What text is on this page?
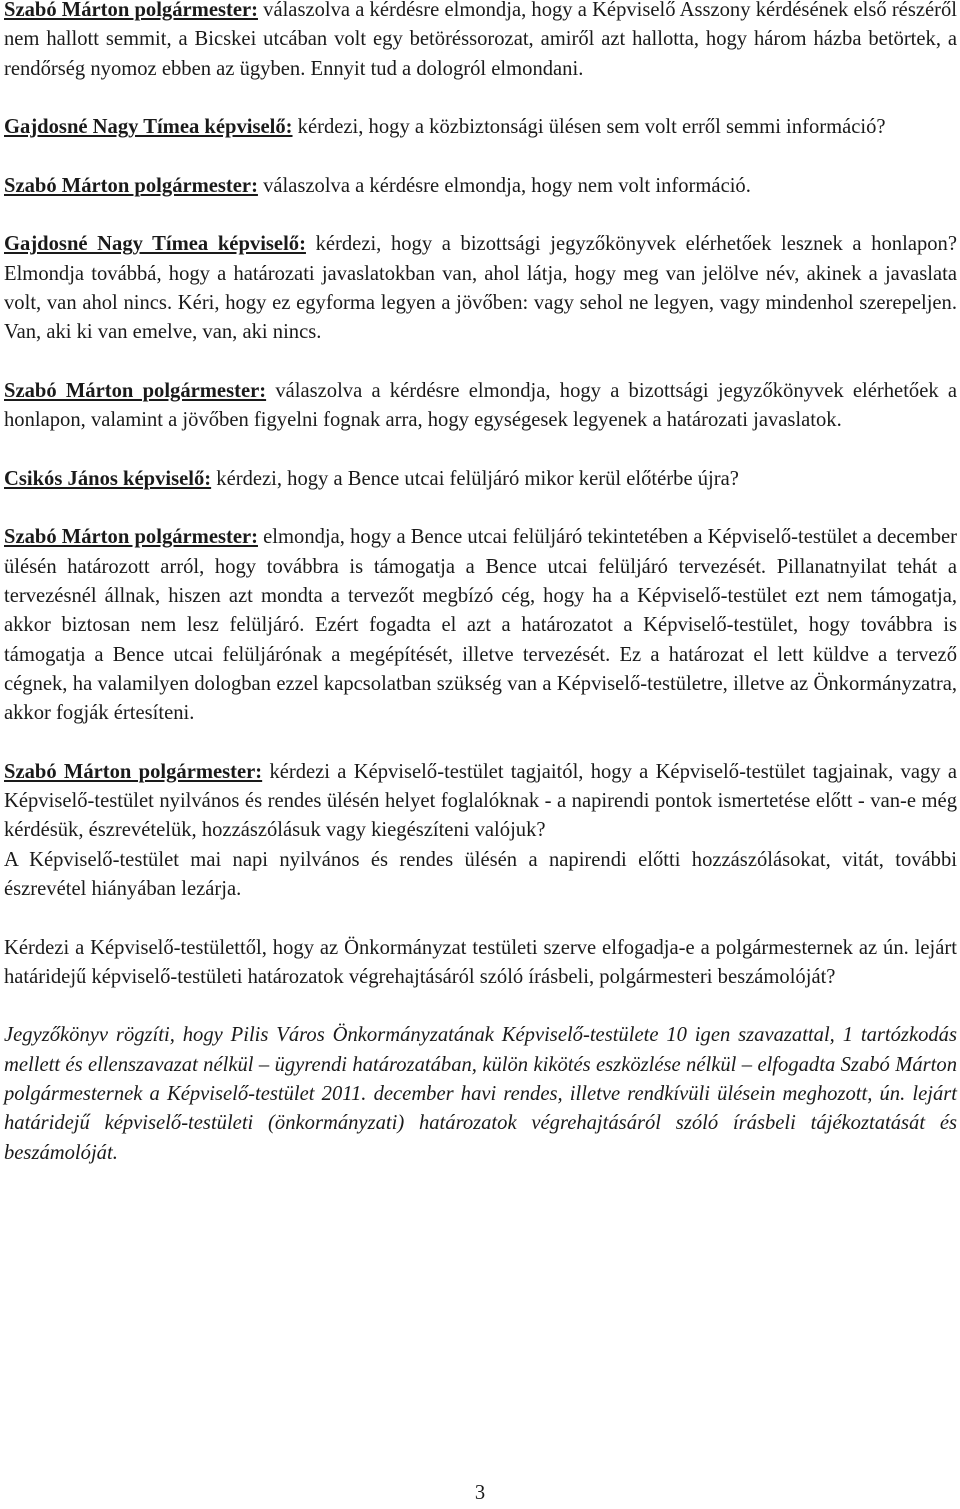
Szabó Márton polgármester: válaszolva a kérdésre elmondja, hogy a Képviselő Asszony kérdésének első részéről nem hallott semmit, a Bicskei utcában volt egy betöréssorozat, amiről azt hallotta, hogy három házba betörtek, a rendőrség nyomoz ebben az ügyben. Ennyit tud a dologról elmondani.

Gajdosné Nagy Tímea képviselő: kérdezi, hogy a közbiztonsági ülésen sem volt erről semmi információ?

Szabó Márton polgármester: válaszolva a kérdésre elmondja, hogy nem volt információ.

Gajdosné Nagy Tímea képviselő: kérdezi, hogy a bizottsági jegyzőkönyvek elérhetőek lesznek a honlapon? Elmondja továbbá, hogy a határozati javaslatokban van, ahol látja, hogy meg van jelölve név, akinek a javaslata volt, van ahol nincs. Kéri, hogy ez egyforma legyen a jövőben: vagy sehol ne legyen, vagy mindenhol szerepeljen. Van, aki ki van emelve, van, aki nincs.

Szabó Márton polgármester: válaszolva a kérdésre elmondja, hogy a bizottsági jegyzőkönyvek elérhetőek a honlapon, valamint a jövőben figyelni fognak arra, hogy egységesek legyenek a határozati javaslatok.

Csikós János képviselő: kérdezi, hogy a Bence utcai felüljáró mikor kerül előtérbe újra?

Szabó Márton polgármester: elmondja, hogy a Bence utcai felüljáró tekintetében a Képviselő-testület a december ülésén határozott arról, hogy továbbra is támogatja a Bence utcai felüljáró tervezését. Pillanatnyilat tehát a tervezésnél állnak, hiszen azt mondta a tervezőt megbízó cég, hogy ha a Képviselő-testület ezt nem támogatja, akkor biztosan nem lesz felüljáró. Ezért fogadta el azt a határozatot a Képviselő-testület, hogy továbbra is támogatja a Bence utcai felüljárónak a megépítését, illetve tervezését. Ez a határozat el lett küldve a tervező cégnek, ha valamilyen dologban ezzel kapcsolatban szükség van a Képviselő-testületre, illetve az Önkormányzatra, akkor fogják értesíteni.

Szabó Márton polgármester: kérdezi a Képviselő-testület tagjaitól, hogy a Képviselő-testület tagjainak, vagy a Képviselő-testület nyilvános és rendes ülésén helyet foglalóknak - a napirendi pontok ismertetése előtt - van-e még kérdésük, észrevételük, hozzászólásuk vagy kiegészíteni valójuk?

A Képviselő-testület mai napi nyilvános és rendes ülésén a napirendi előtti hozzászólásokat, vitát, további észrevétel hiányában lezárja.

Kérdezi a Képviselő-testülettől, hogy az Önkormányzat testületi szerve elfogadja-e a polgármesternek az ún. lejárt határidejű képviselő-testületi határozatok végrehajtásáról szóló írásbeli, polgármesteri beszámolóját?

Jegyzőkönyv rögzíti, hogy Pilis Város Önkormányzatának Képviselő-testülete 10 igen szavazattal, 1 tartózkodás mellett és ellenszavazat nélkül – ügyrendi határozatában, külön kikötés eszközlése nélkül – elfogadta Szabó Márton polgármesternek a Képviselő-testület 2011. december havi rendes, illetve rendkívüli ülésein meghozott, ún. lejárt határidejű képviselő-testületi (önkormányzati) határozatok végrehajtásáról szóló írásbeli tájékoztatását és beszámolóját.

3
